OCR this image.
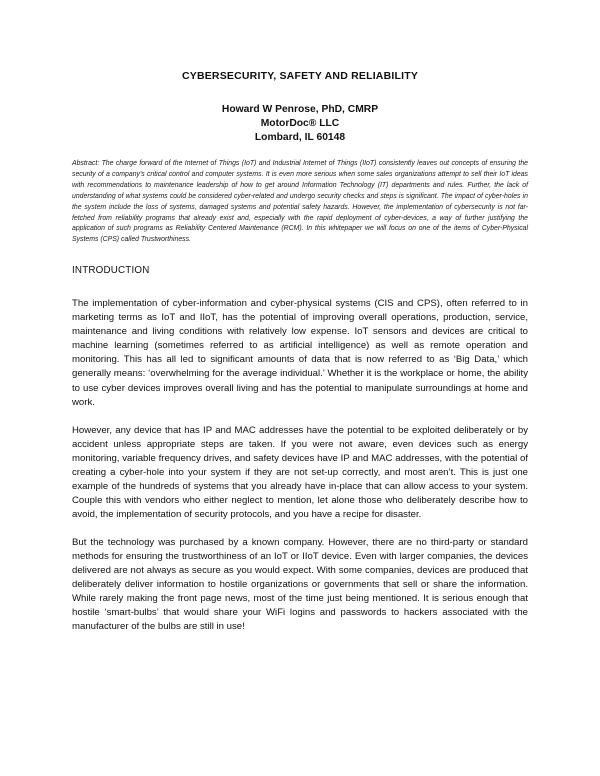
CYBERSECURITY, SAFETY AND RELIABILITY
Howard W Penrose, PhD, CMRP
MotorDoc® LLC
Lombard, IL 60148
Abstract: The charge forward of the Internet of Things (IoT) and Industrial Internet of Things (IIoT) consistently leaves out concepts of ensuring the security of a company's critical control and computer systems. It is even more serious when some sales organizations attempt to sell their IoT ideas with recommendations to maintenance leadership of how to get around Information Technology (IT) departments and rules. Further, the lack of understanding of what systems could be considered cyber-related and undergo security checks and steps is significant. The impact of cyber-holes in the system include the loss of systems, damaged systems and potential safety hazards. However, the implementation of cybersecurity is not far-fetched from reliability programs that already exist and, especially with the rapid deployment of cyber-devices, a way of further justifying the application of such programs as Reliability Centered Maintenance (RCM). In this whitepaper we will focus on one of the items of Cyber-Physical Systems (CPS) called Trustworthiness.
INTRODUCTION

The implementation of cyber-information and cyber-physical systems (CIS and CPS), often referred to in marketing terms as IoT and IIoT, has the potential of improving overall operations, production, service, maintenance and living conditions with relatively low expense. IoT sensors and devices are critical to machine learning (sometimes referred to as artificial intelligence) as well as remote operation and monitoring. This has all led to significant amounts of data that is now referred to as ‘Big Data,’ which generally means: ‘overwhelming for the average individual.’ Whether it is the workplace or home, the ability to use cyber devices improves overall living and has the potential to manipulate surroundings at home and work.

However, any device that has IP and MAC addresses have the potential to be exploited deliberately or by accident unless appropriate steps are taken. If you were not aware, even devices such as energy monitoring, variable frequency drives, and safety devices have IP and MAC addresses, with the potential of creating a cyber-hole into your system if they are not set-up correctly, and most aren’t. This is just one example of the hundreds of systems that you already have in-place that can allow access to your system. Couple this with vendors who either neglect to mention, let alone those who deliberately describe how to avoid, the implementation of security protocols, and you have a recipe for disaster.

But the technology was purchased by a known company. However, there are no third-party or standard methods for ensuring the trustworthiness of an IoT or IIoT device. Even with larger companies, the devices delivered are not always as secure as you would expect. With some companies, devices are produced that deliberately deliver information to hostile organizations or governments that sell or share the information. While rarely making the front page news, most of the time just being mentioned. It is serious enough that hostile ‘smart-bulbs’ that would share your WiFi logins and passwords to hackers associated with the manufacturer of the bulbs are still in use!
